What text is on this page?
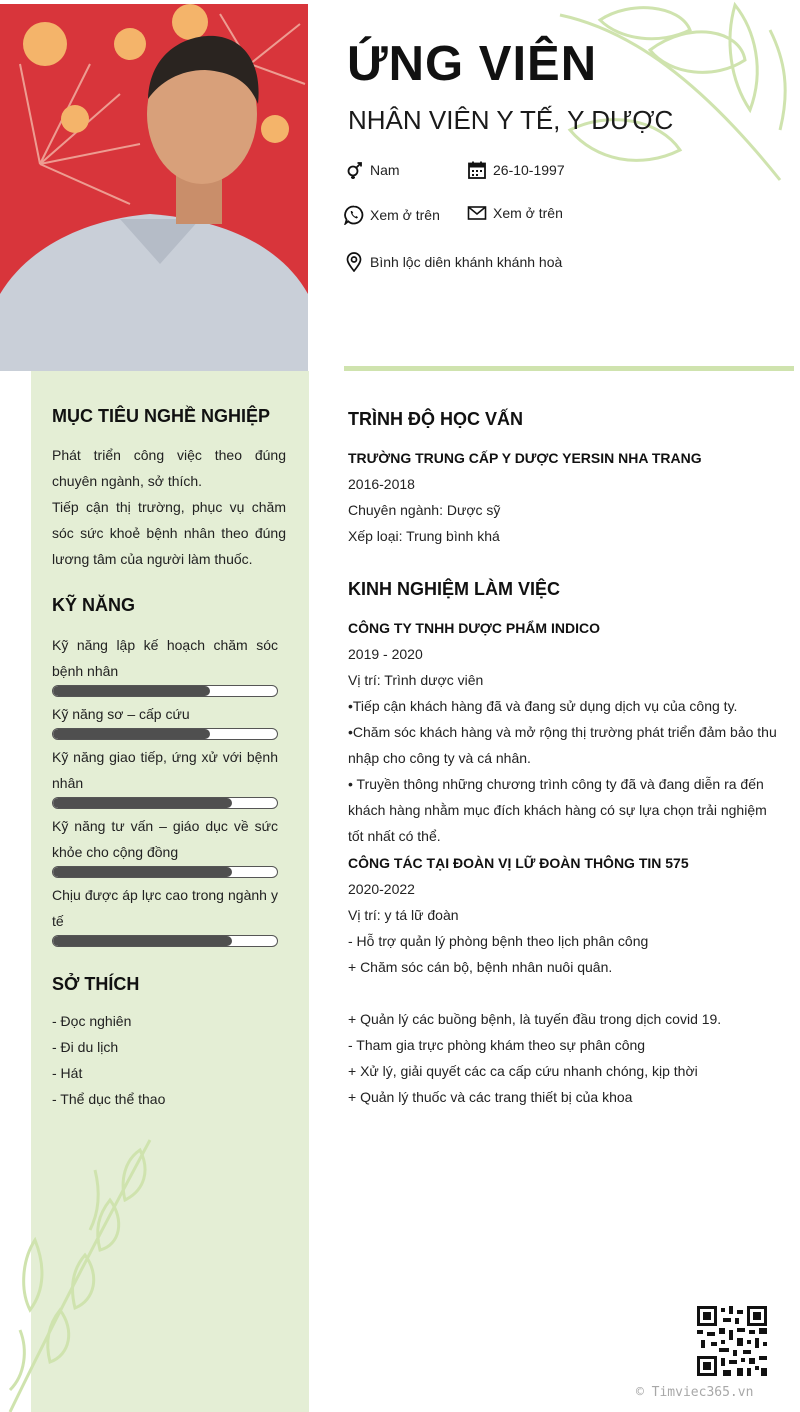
ỨNG VIÊN
NHÂN VIÊN Y TẾ, Y DƯỢC
Nam	26-10-1997
Xem ở trên	Xem ở trên
Bình lộc diên khánh khánh hoà
MỤC TIÊU NGHỀ NGHIỆP

Phát triển công việc theo đúng chuyên ngành, sở thích.

Tiếp cận thị trường, phục vụ chăm sóc sức khoẻ bệnh nhân theo đúng lương tâm của người làm thuốc.

KỸ NĂNG
Kỹ năng lập kế hoạch chăm sóc bệnh nhân
Kỹ năng sơ – cấp cứu
Kỹ năng giao tiếp, ứng xử với bệnh nhân
Kỹ năng tư vấn – giáo dục về sức khỏe cho cộng đồng
Chịu được áp lực cao trong ngành y tế
SỞ THÍCH

- Đọc nghiên

- Đi du lịch

- Hát

- Thể dục thể thao

TRÌNH ĐỘ HỌC VẤN
TRƯỜNG TRUNG CẤP Y DƯỢC YERSIN NHA TRANG
2016-2018
Chuyên ngành: Dược sỹ
Xếp loại: Trung bình khá
KINH NGHIỆM LÀM VIỆC
CÔNG TY TNHH DƯỢC PHẨM INDICO
2019 - 2020
Vị trí: Trình dược viên
•Tiếp cận khách hàng đã và đang sử dụng dịch vụ của công ty.
•Chăm sóc khách hàng và mở rộng thị trường phát triển đảm bảo thu nhập cho công ty và cá nhân.
• Truyền thông những chương trình công ty đã và đang diễn ra đến khách hàng nhằm mục đích khách hàng có sự lựa chọn trải nghiệm tốt nhất có thể.
CÔNG TÁC TẠI ĐOÀN VỊ LỮ ĐOÀN THÔNG TIN 575
2020-2022
Vị trí: y tá lữ đoàn
- Hỗ trợ quản lý phòng bệnh theo lịch phân công
+ Chăm sóc cán bộ, bệnh nhân nuôi quân.
+ Quản lý các buồng bệnh, là tuyến đầu trong dịch covid 19.
- Tham gia trực phòng khám theo sự phân công
+ Xử lý, giải quyết các ca cấp cứu nhanh chóng, kịp thời
+ Quản lý thuốc và các trang thiết bị của khoa
© Timviec365.vn
